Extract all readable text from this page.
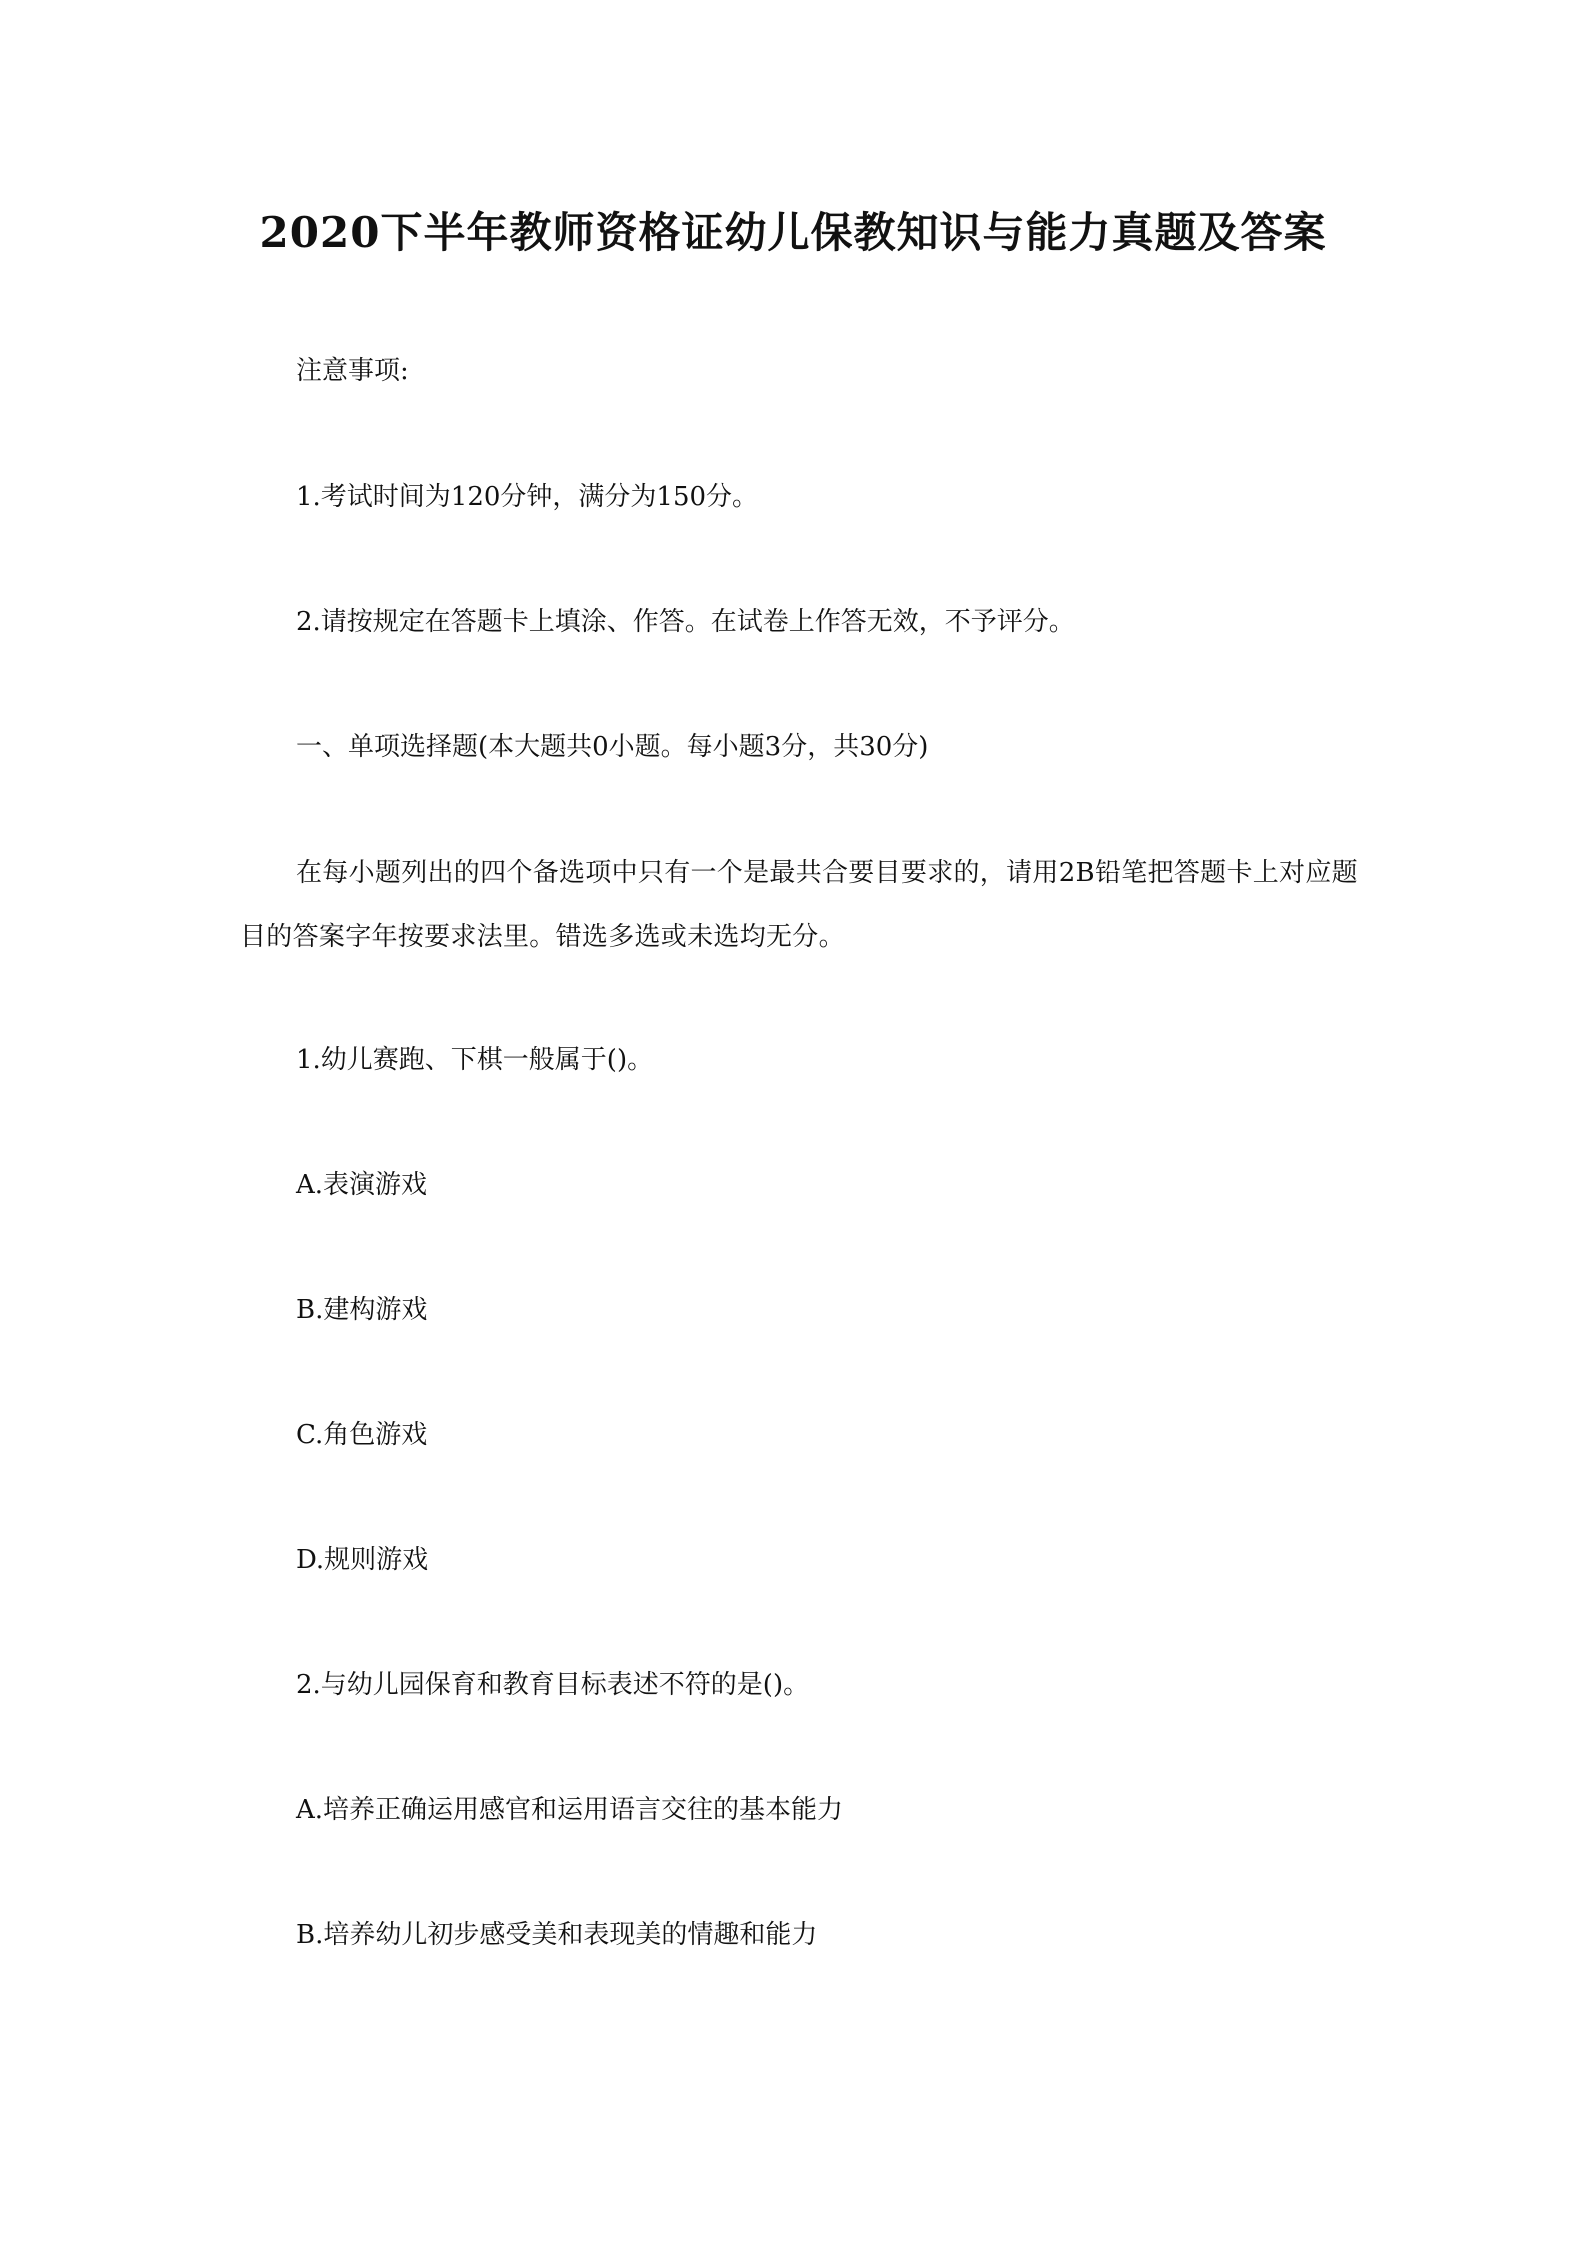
2020下半年教师资格证幼儿保教知识与能力真题及答案
注意事项:
1.考试时间为120分钟，满分为150分。
2.请按规定在答题卡上填涂、作答。在试卷上作答无效，不予评分。
一、单项选择题(本大题共0小题。每小题3分，共30分)
在每小题列出的四个备选项中只有一个是最共合要目要求的，请用2B铅笔把答题卡上对应题目的答案字年按要求法里。错选多选或未选均无分。
1.幼儿赛跑、下棋一般属于()。
A.表演游戏
B.建构游戏
C.角色游戏
D.规则游戏
2.与幼儿园保育和教育目标表述不符的是()。
A.培养正确运用感官和运用语言交往的基本能力
B.培养幼儿初步感受美和表现美的情趣和能力
